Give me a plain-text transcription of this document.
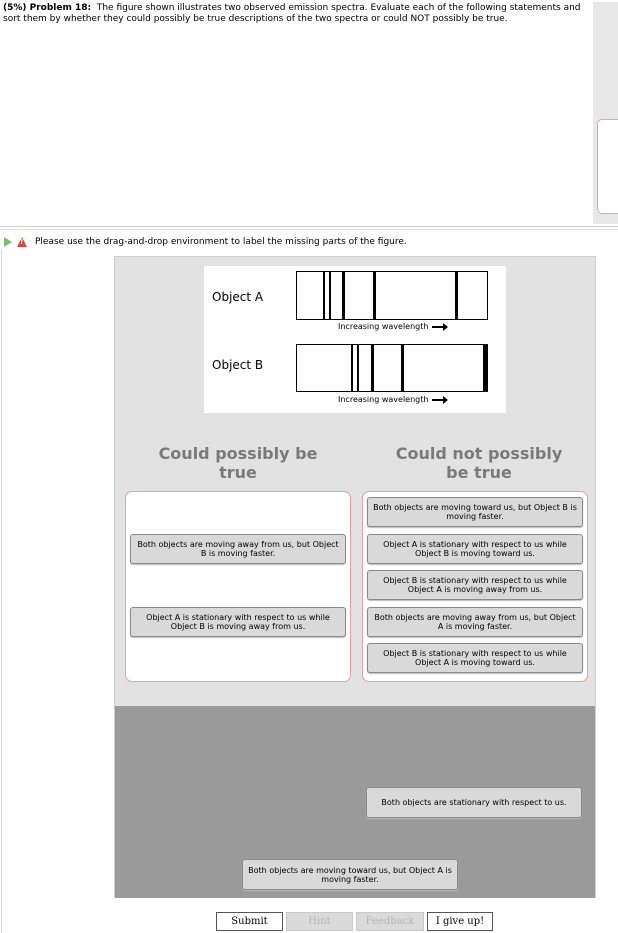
(5%) Problem 18: The figure shown illustrates two observed emission spectra. Evaluate each of the following statements and sort them by whether they could possibly be true descriptions of the two spectra or could NOT possibly be true.
! Please use the drag-and-drop environment to label the missing parts of the figure.
Object A
Object B
Increasing wavelength
Increasing wavelength
Could possibly be true
Could not possibly be true
Both objects are moving away from us, but Object B is moving faster.
Object A is stationary with respect to us while Object B is moving away from us.
Both objects are moving toward us, but Object B is moving faster.
Object A is stationary with respect to us while Object B is moving toward us.
Object B is stationary with respect to us while Object A is moving away from us.
Both objects are moving away from us, but Object A is moving faster.
Object B is stationary with respect to us while Object A is moving toward us.
Both objects are stationary with respect to us.
Both objects are moving toward us, but Object A is moving faster.
Submit	Hint	Feedback	I give up!
